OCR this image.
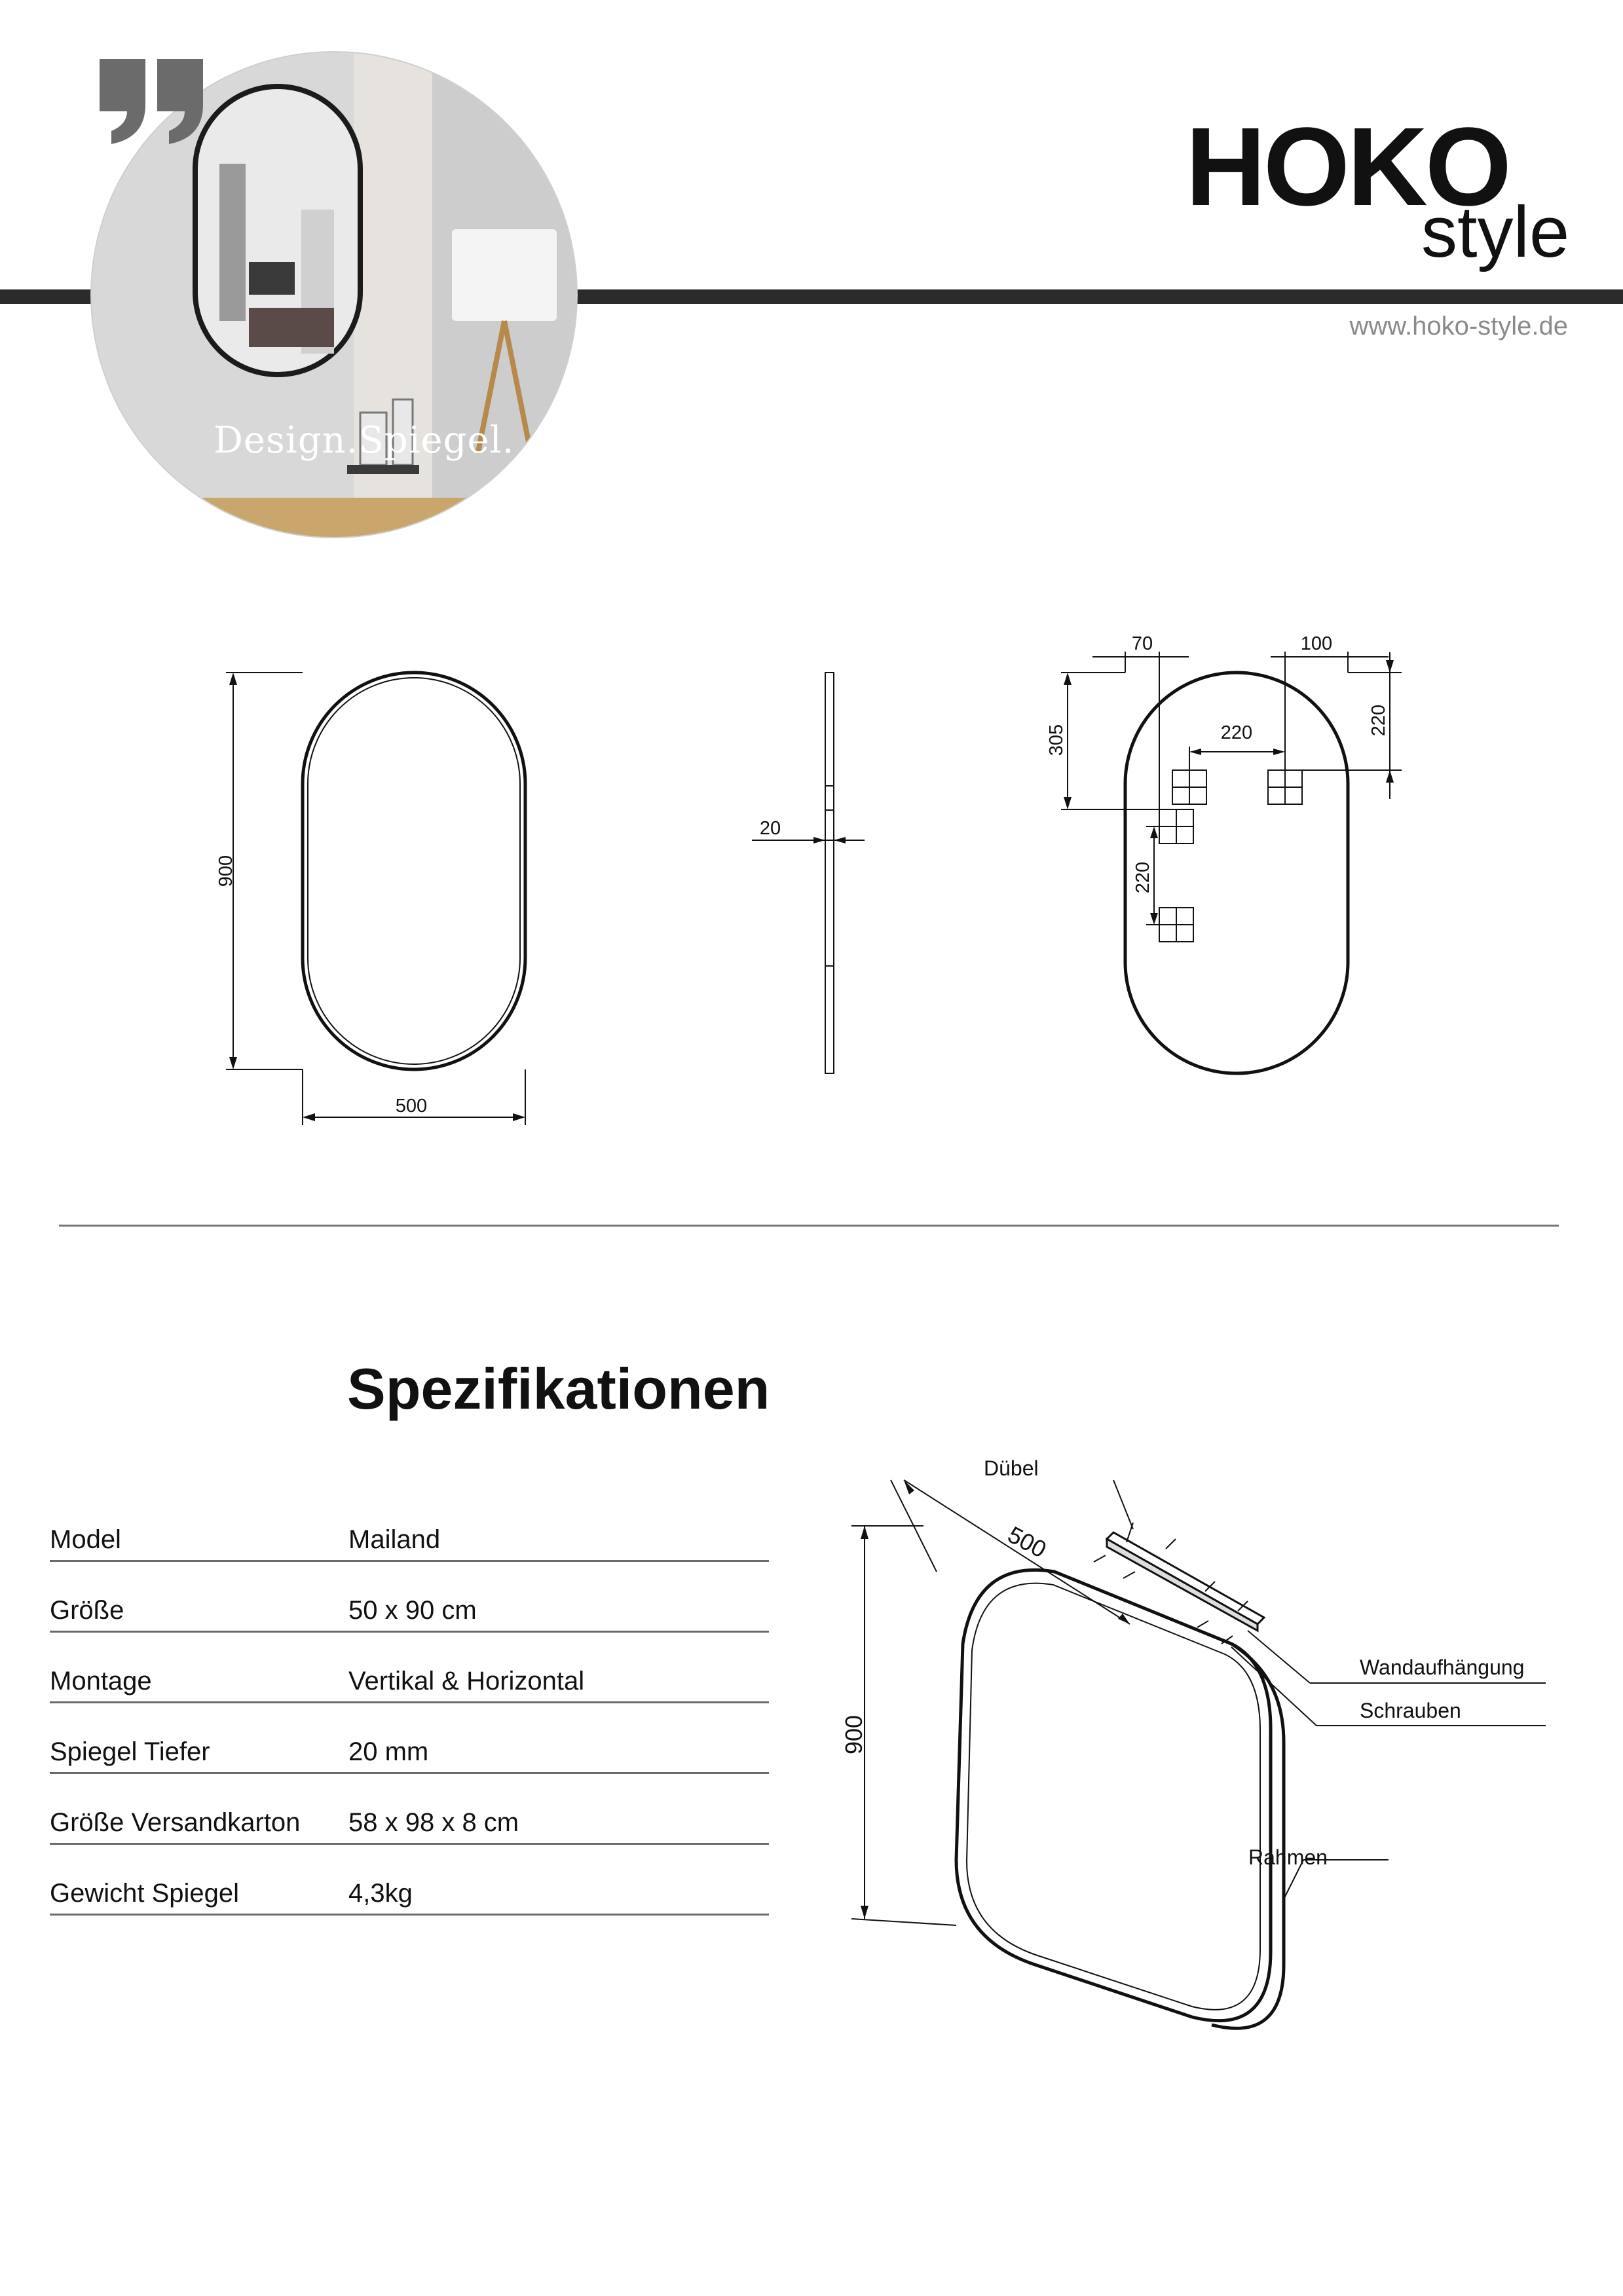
Design.Spiegel.
HOKO
style
www.hoko-style.de
900
500
20
70	100
305
220
220
220
Spezifikationen
Model	Mailand
Größe	50 x 90 cm
Montage	Vertikal & Horizontal
Spiegel Tiefer	20 mm
Größe Versandkarton 58 x 98 x 8 cm
Gewicht Spiegel	4,3kg
Dübel
500
900
Wandaufhängung
Schrauben
Rahmen
